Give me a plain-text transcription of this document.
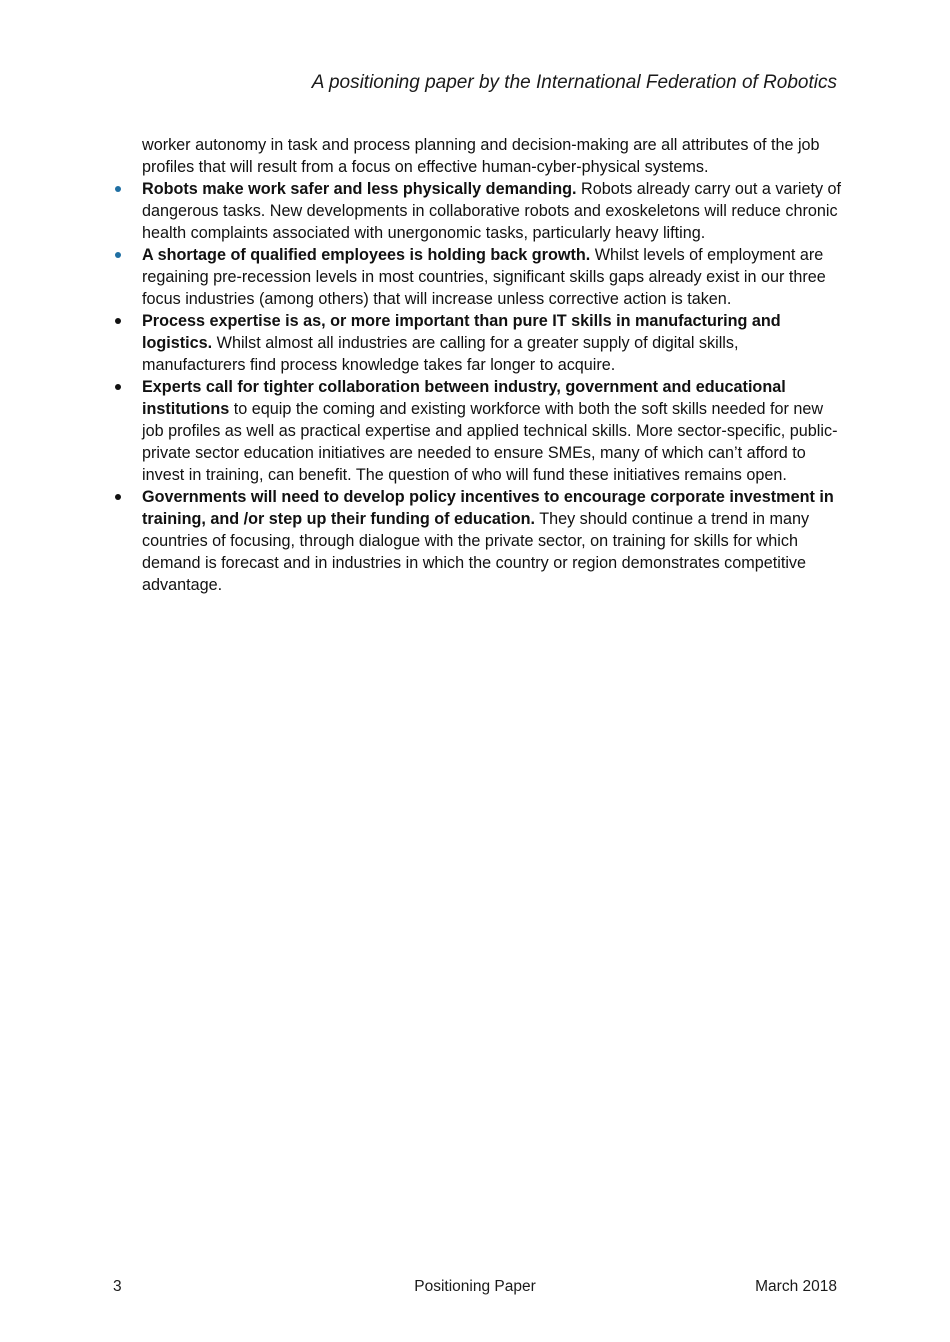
A positioning paper by the International Federation of Robotics

worker autonomy in task and process planning and decision-making are all attributes of the job profiles that will result from a focus on effective human-cyber-physical systems.

Robots make work safer and less physically demanding. Robots already carry out a variety of dangerous tasks. New developments in collaborative robots and exoskeletons will reduce chronic health complaints associated with unergonomic tasks, particularly heavy lifting.
A shortage of qualified employees is holding back growth. Whilst levels of employment are regaining pre-recession levels in most countries, significant skills gaps already exist in our three focus industries (among others) that will increase unless corrective action is taken.
Process expertise is as, or more important than pure IT skills in manufacturing and logistics. Whilst almost all industries are calling for a greater supply of digital skills, manufacturers find process knowledge takes far longer to acquire.
Experts call for tighter collaboration between industry, government and educational institutions to equip the coming and existing workforce with both the soft skills needed for new job profiles as well as practical expertise and applied technical skills. More sector-specific, public-private sector education initiatives are needed to ensure SMEs, many of which can’t afford to invest in training, can benefit. The question of who will fund these initiatives remains open.
Governments will need to develop policy incentives to encourage corporate investment in training, and /or step up their funding of education. They should continue a trend in many countries of focusing, through dialogue with the private sector, on training for skills for which demand is forecast and in industries in which the country or region demonstrates competitive advantage.
3	Positioning Paper	March 2018
